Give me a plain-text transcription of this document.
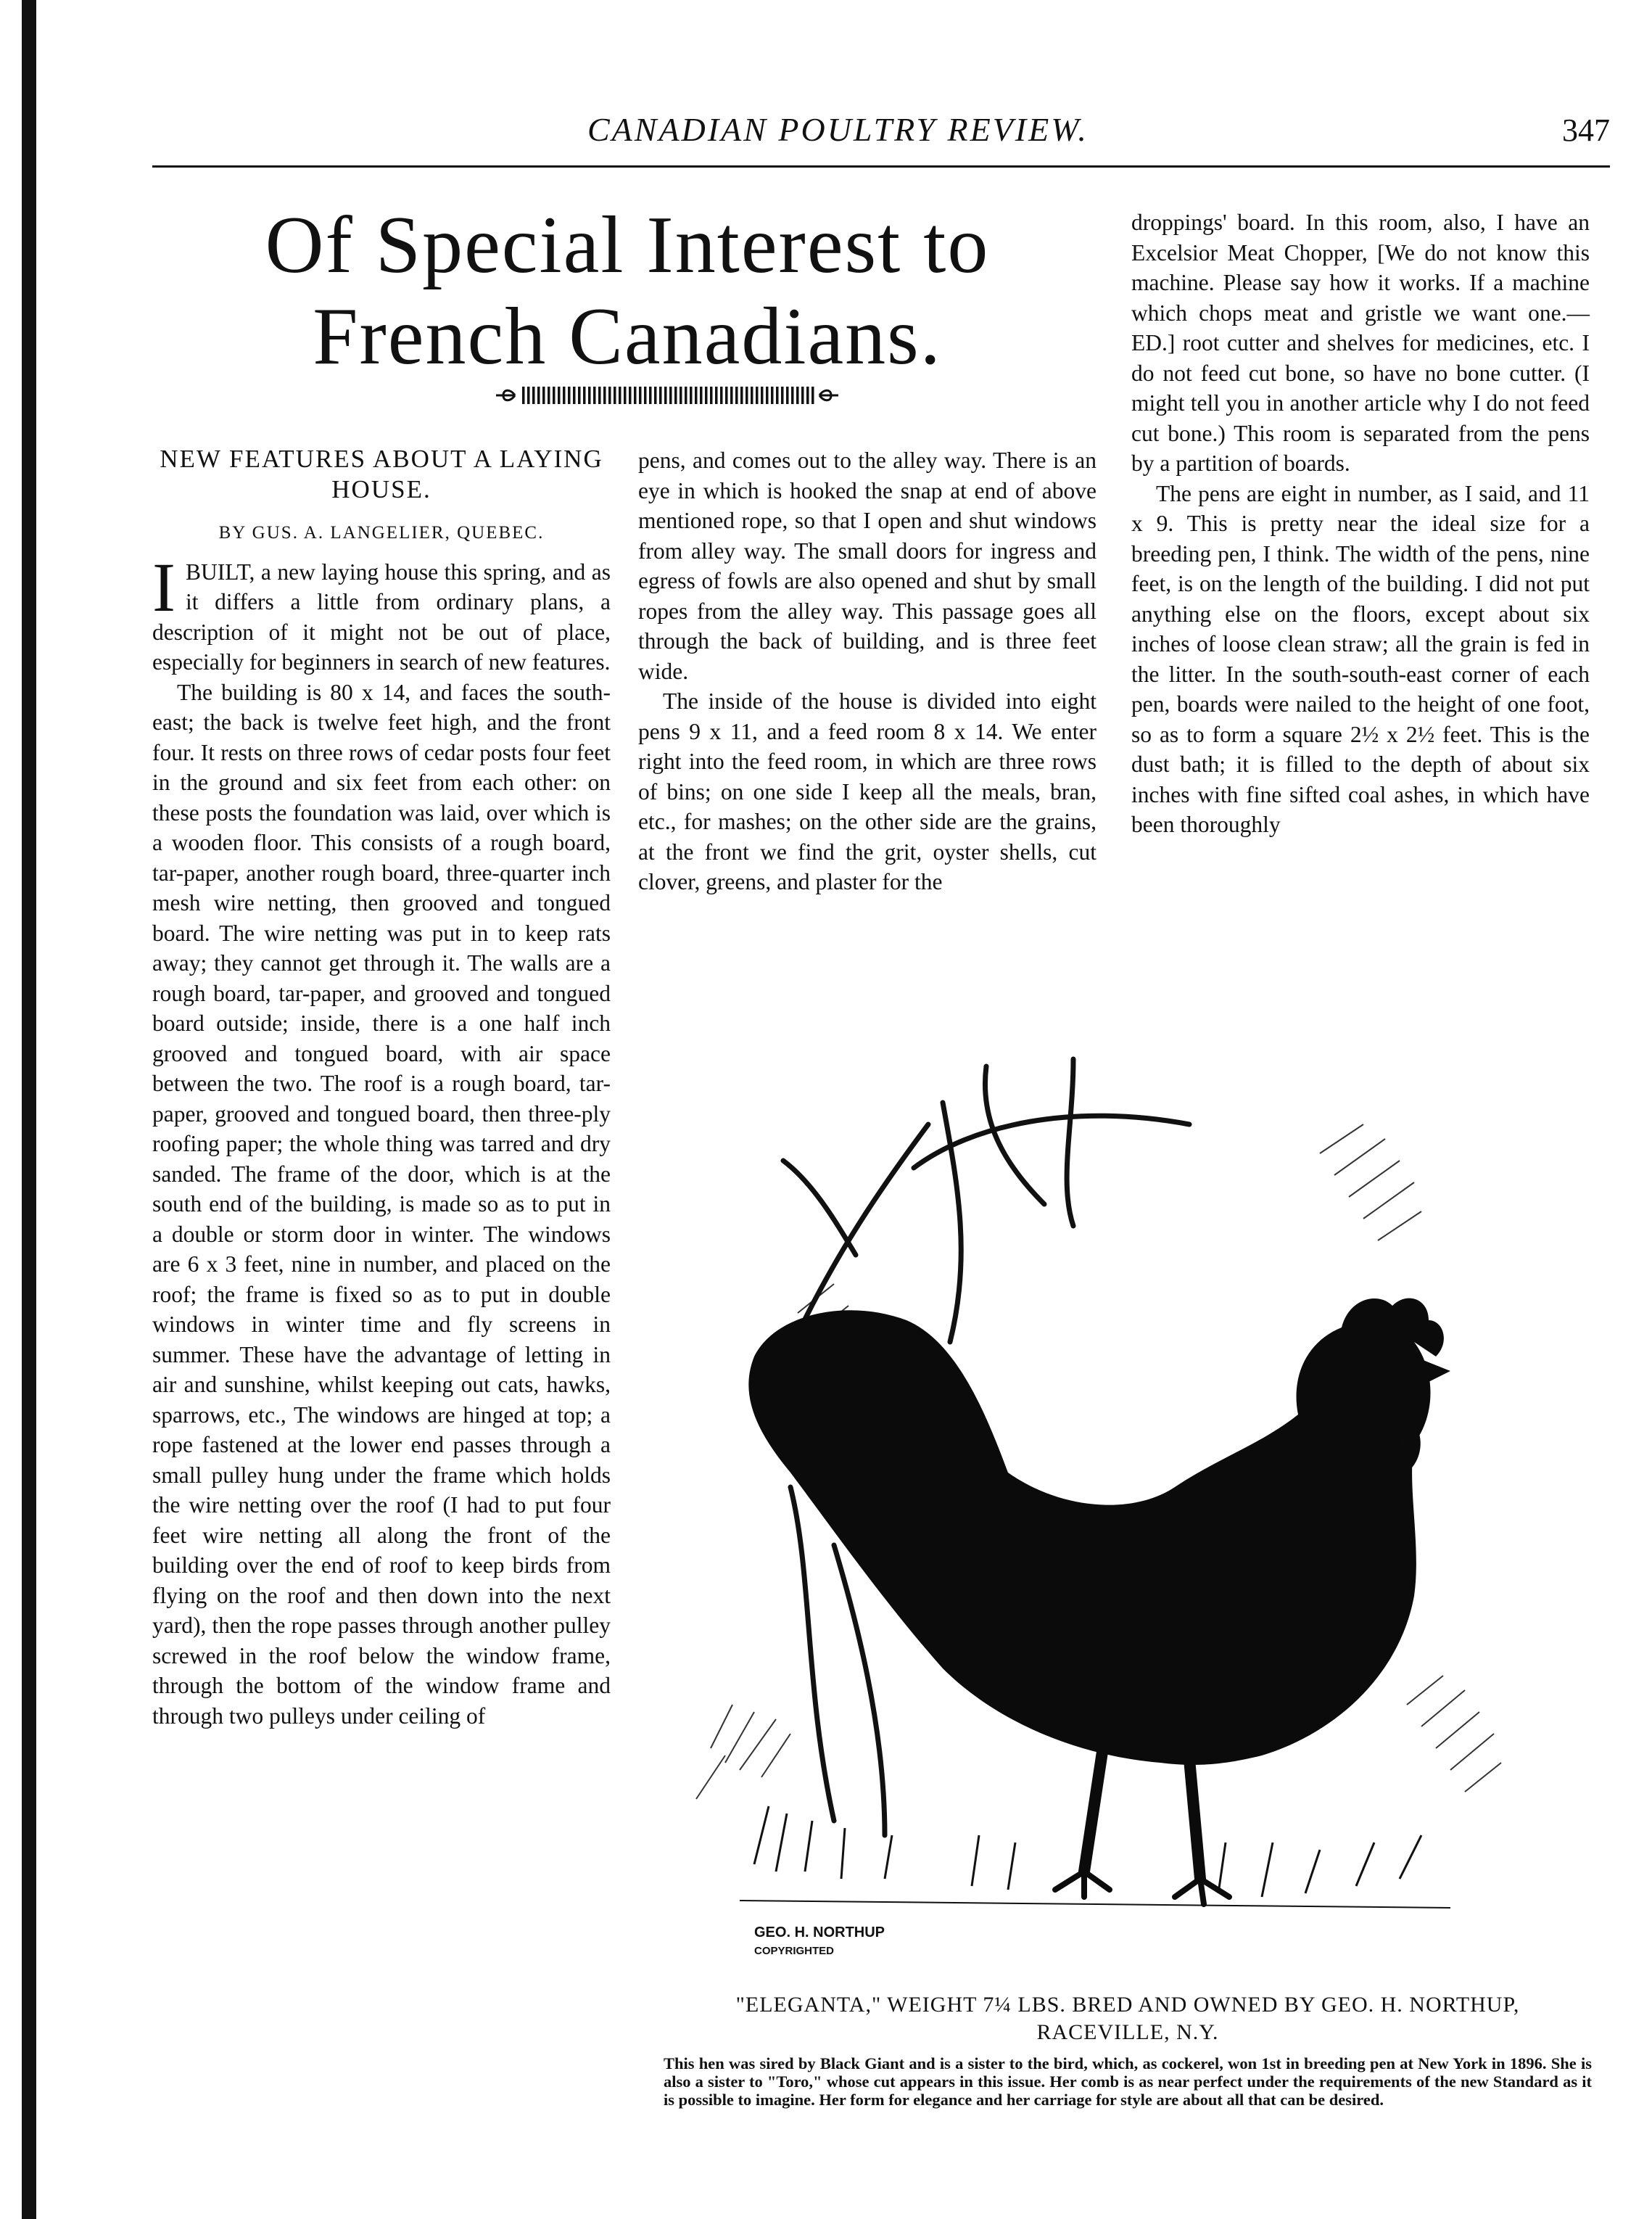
CANADIAN POULTRY REVIEW.	347
Of Special Interest to
French Canadians.
NEW FEATURES ABOUT A LAYING HOUSE.
BY GUS. A. LANGELIER, QUEBEC.

IBUILT, a new laying house this spring, and as it differs a little from ordinary plans, a description of it might not be out of place, especially for beginners in search of new features.

The building is 80 x 14, and faces the south-east; the back is twelve feet high, and the front four. It rests on three rows of cedar posts four feet in the ground and six feet from each other: on these posts the foundation was laid, over which is a wooden floor. This consists of a rough board, tar-paper, another rough board, three-quarter inch mesh wire netting, then grooved and tongued board. The wire netting was put in to keep rats away; they cannot get through it. The walls are a rough board, tar-paper, and grooved and tongued board outside; inside, there is a one half inch grooved and tongued board, with air space between the two. The roof is a rough board, tar-paper, grooved and tongued board, then three-ply roofing paper; the whole thing was tarred and dry sanded. The frame of the door, which is at the south end of the building, is made so as to put in a double or storm door in winter. The windows are 6 x 3 feet, nine in number, and placed on the roof; the frame is fixed so as to put in double windows in winter time and fly screens in summer. These have the advantage of letting in air and sunshine, whilst keeping out cats, hawks, sparrows, etc., The windows are hinged at top; a rope fastened at the lower end passes through a small pulley hung under the frame which holds the wire netting over the roof (I had to put four feet wire netting all along the front of the building over the end of roof to keep birds from flying on the roof and then down into the next yard), then the rope passes through another pulley screwed in the roof below the window frame, through the bottom of the window frame and through two pulleys under ceiling of

pens, and comes out to the alley way. There is an eye in which is hooked the snap at end of above mentioned rope, so that I open and shut windows from alley way. The small doors for ingress and egress of fowls are also opened and shut by small ropes from the alley way. This passage goes all through the back of building, and is three feet wide.

The inside of the house is divided into eight pens 9 x 11, and a feed room 8 x 14. We enter right into the feed room, in which are three rows of bins; on one side I keep all the meals, bran, etc., for mashes; on the other side are the grains, at the front we find the grit, oyster shells, cut clover, greens, and plaster for the

droppings' board. In this room, also, I have an Excelsior Meat Chopper, [We do not know this machine. Please say how it works. If a machine which chops meat and gristle we want one.—ED.] root cutter and shelves for medicines, etc. I do not feed cut bone, so have no bone cutter. (I might tell you in another article why I do not feed cut bone.) This room is separated from the pens by a partition of boards.

The pens are eight in number, as I said, and 11 x 9. This is pretty near the ideal size for a breeding pen, I think. The width of the pens, nine feet, is on the length of the building. I did not put anything else on the floors, except about six inches of loose clean straw; all the grain is fed in the litter. In the south-south-east corner of each pen, boards were nailed to the height of one foot, so as to form a square 2½ x 2½ feet. This is the dust bath; it is filled to the depth of about six inches with fine sifted coal ashes, in which have been thoroughly

GEO. H. NORTHUP
COPYRIGHTED
"ELEGANTA," WEIGHT 7¼ LBS. BRED AND OWNED BY GEO. H. NORTHUP,
RACEVILLE, N.Y.
This hen was sired by Black Giant and is a sister to the bird, which, as cockerel, won 1st in breeding pen at New York in 1896. She is also a sister to "Toro," whose cut appears in this issue. Her comb is as near perfect under the requirements of the new Standard as it is possible to imagine. Her form for elegance and her carriage for style are about all that can be desired.
